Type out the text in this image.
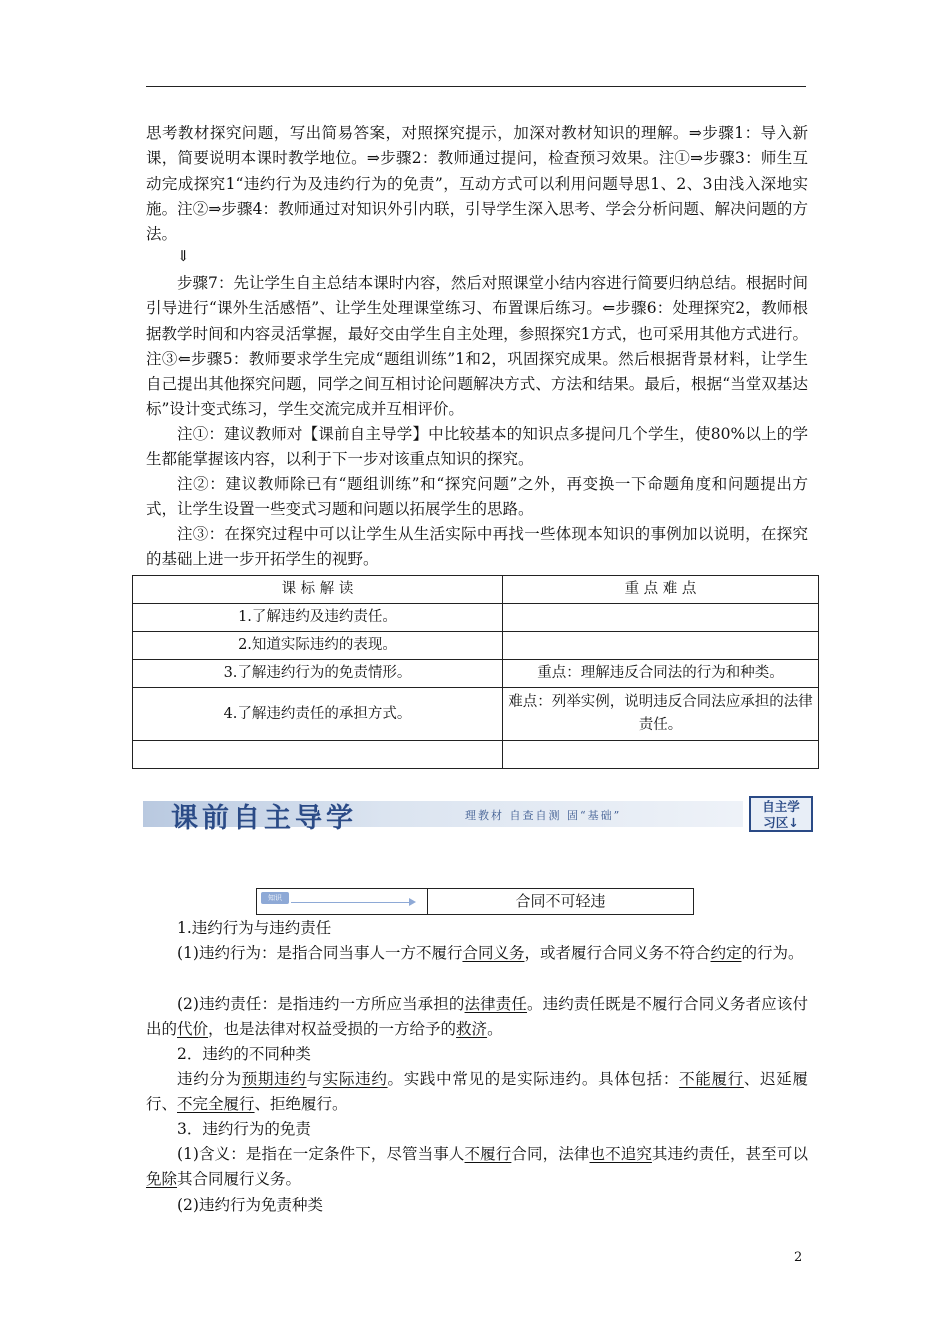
思考教材探究问题，写出简易答案，对照探究提示，加深对教材知识的理解。⇒步骤1：导入新课，简要说明本课时教学地位。⇒步骤2：教师通过提问，检查预习效果。注①⇒步骤3：师生互动完成探究1“违约行为及违约行为的免责”，互动方式可以利用问题导思1、2、3由浅入深地实施。注②⇒步骤4：教师通过对知识外引内联，引导学生深入思考、学会分析问题、解决问题的方法。

⇓

步骤7：先让学生自主总结本课时内容，然后对照课堂小结内容进行简要归纳总结。根据时间引导进行“课外生活感悟”、让学生处理课堂练习、布置课后练习。⇐步骤6：处理探究2，教师根据教学时间和内容灵活掌握，最好交由学生自主处理，参照探究1方式，也可采用其他方式进行。注③⇐步骤5：教师要求学生完成“题组训练”1和2，巩固探究成果。然后根据背景材料，让学生自己提出其他探究问题，同学之间互相讨论问题解决方式、方法和结果。最后，根据“当堂双基达标”设计变式练习，学生交流完成并互相评价。

注①：建议教师对【课前自主导学】中比较基本的知识点多提问几个学生，使80%以上的学生都能掌握该内容，以利于下一步对该重点知识的探究。

注②：建议教师除已有“题组训练”和“探究问题”之外，再变换一下命题角度和问题提出方式，让学生设置一些变式习题和问题以拓展学生的思路。

注③：在探究过程中可以让学生从生活实际中再找一些体现本知识的事例加以说明，在探究的基础上进一步开拓学生的视野。

课 标 解 读	重 点 难 点
1.了解违约及违约责任。	
2.知道实际违约的表现。	
3.了解违约行为的免责情形。	重点：理解违反合同法的行为和种类。
4.了解违约责任的承担方式。	难点：列举实例，说明违反合同法应承担的法律责任。

课前自主导学	理教材 自查自测 固“基础”
自主学
习区↓
知识	合同不可轻违

1.违约行为与违约责任

(1)违约行为：是指合同当事人一方不履行合同义务，或者履行合同义务不符合约定的行为。

(2)违约责任：是指违约一方所应当承担的法律责任。违约责任既是不履行合同义务者应该付出的代价，也是法律对权益受损的一方给予的救济。

2．违约的不同种类

违约分为预期违约与实际违约。实践中常见的是实际违约。具体包括：不能履行、迟延履行、不完全履行、拒绝履行。

3．违约行为的免责

(1)含义：是指在一定条件下，尽管当事人不履行合同，法律也不追究其违约责任，甚至可以免除其合同履行义务。

(2)违约行为免责种类

2
